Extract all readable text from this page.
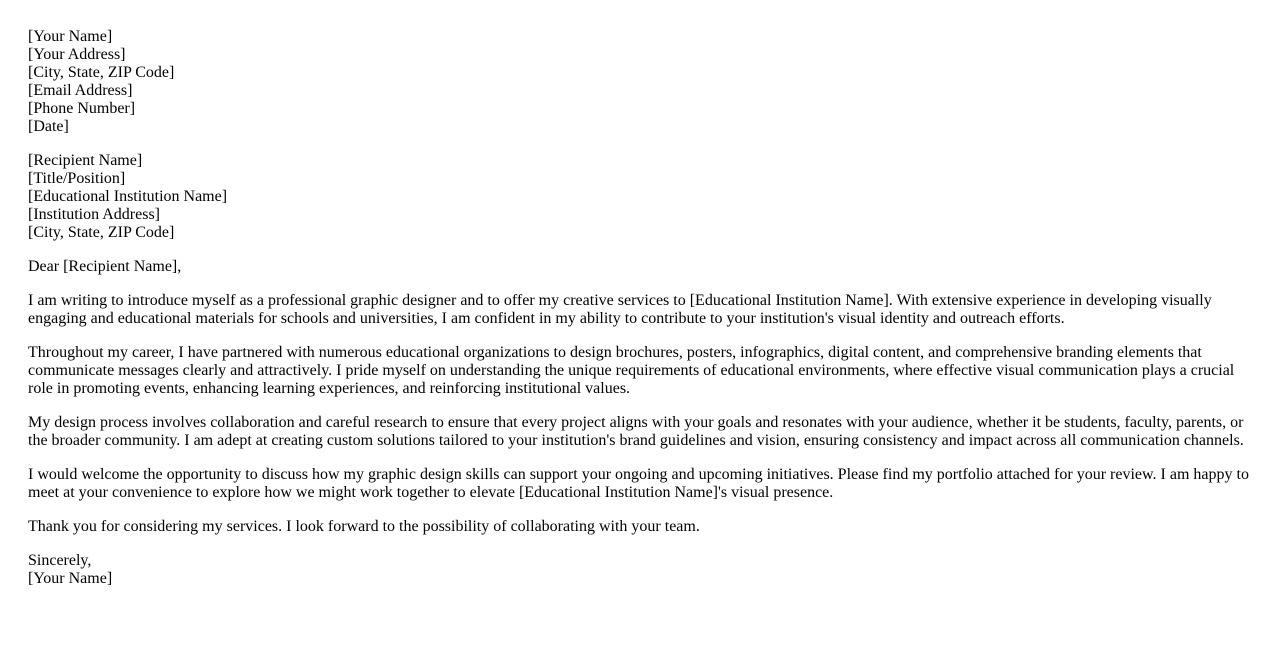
[Your Name]
[Your Address]
[City, State, ZIP Code]
[Email Address]
[Phone Number]
[Date]
[Recipient Name]
[Title/Position]
[Educational Institution Name]
[Institution Address]
[City, State, ZIP Code]

Dear [Recipient Name],

I am writing to introduce myself as a professional graphic designer and to offer my creative services to [Educational Institution Name]. With extensive experience in developing visually engaging and educational materials for schools and universities, I am confident in my ability to contribute to your institution's visual identity and outreach efforts.

Throughout my career, I have partnered with numerous educational organizations to design brochures, posters, infographics, digital content, and comprehensive branding elements that communicate messages clearly and attractively. I pride myself on understanding the unique requirements of educational environments, where effective visual communication plays a crucial role in promoting events, enhancing learning experiences, and reinforcing institutional values.

My design process involves collaboration and careful research to ensure that every project aligns with your goals and resonates with your audience, whether it be students, faculty, parents, or the broader community. I am adept at creating custom solutions tailored to your institution's brand guidelines and vision, ensuring consistency and impact across all communication channels.

I would welcome the opportunity to discuss how my graphic design skills can support your ongoing and upcoming initiatives. Please find my portfolio attached for your review. I am happy to meet at your convenience to explore how we might work together to elevate [Educational Institution Name]'s visual presence.

Thank you for considering my services. I look forward to the possibility of collaborating with your team.

Sincerely,
[Your Name]
